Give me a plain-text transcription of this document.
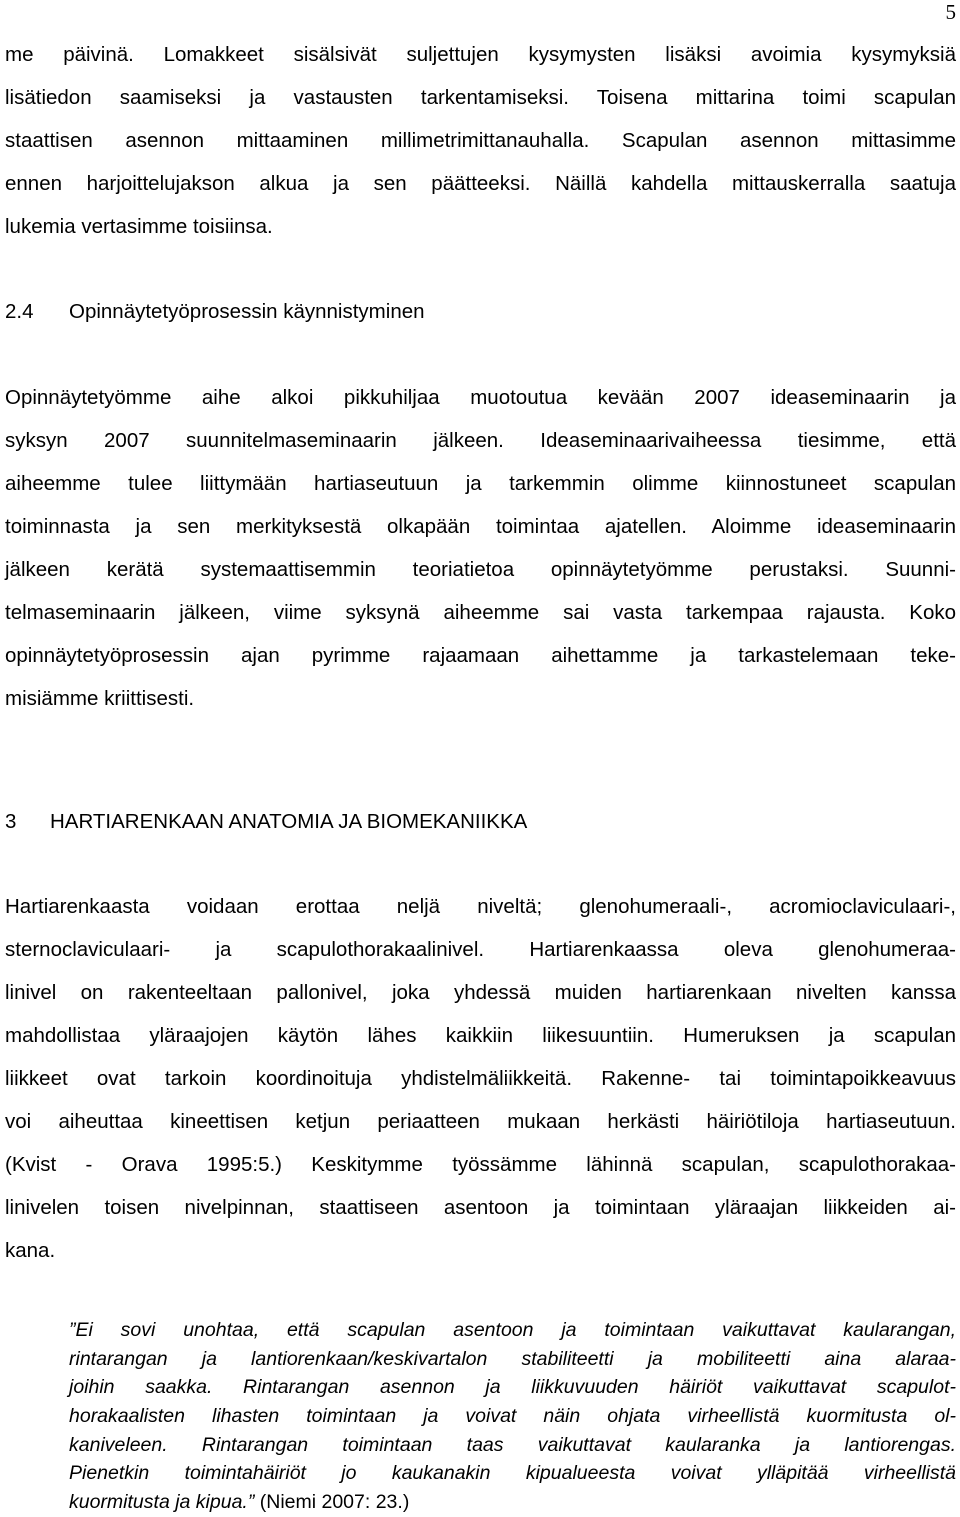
5
me päivinä. Lomakkeet sisälsivät suljettujen kysymysten lisäksi avoimia kysymyksiä
lisätiedon saamiseksi ja vastausten tarkentamiseksi. Toisena mittarina toimi scapulan
staattisen asennon mittaaminen millimetrimittanauhalla. Scapulan asennon mittasimme
ennen harjoittelujakson alkua ja sen päätteeksi. Näillä kahdella mittauskerralla saatuja
lukemia vertasimme toisiinsa.
2.4 Opinnäytetyöprosessin käynnistyminen
Opinnäytetyömme aihe alkoi pikkuhiljaa muotoutua kevään 2007 ideaseminaarin ja
syksyn 2007 suunnitelmaseminaarin jälkeen. Ideaseminaarivaiheessa tiesimme, että
aiheemme tulee liittymään hartiaseutuun ja tarkemmin olimme kiinnostuneet scapulan
toiminnasta ja sen merkityksestä olkapään toimintaa ajatellen. Aloimme ideaseminaarin
jälkeen kerätä systemaattisemmin teoriatietoa opinnäytetyömme perustaksi. Suunni-
telmaseminaarin jälkeen, viime syksynä aiheemme sai vasta tarkempaa rajausta. Koko
opinnäytetyöprosessin ajan pyrimme rajaamaan aihettamme ja tarkastelemaan teke-
misiämme kriittisesti.
3 HARTIARENKAAN ANATOMIA JA BIOMEKANIIKKA
Hartiarenkaasta voidaan erottaa neljä niveltä; glenohumeraali-, acromioclaviculaari-,
sternoclaviculaari- ja scapulothorakaalinivel. Hartiarenkaassa oleva glenohumeraa-
linivel on rakenteeltaan pallonivel, joka yhdessä muiden hartiarenkaan nivelten kanssa
mahdollistaa yläraajojen käytön lähes kaikkiin liikesuuntiin. Humeruksen ja scapulan
liikkeet ovat tarkoin koordinoituja yhdistelmäliikkeitä. Rakenne- tai toimintapoikkeavuus
voi aiheuttaa kineettisen ketjun periaatteen mukaan herkästi häiriötiloja hartiaseutuun.
(Kvist - Orava 1995:5.) Keskitymme työssämme lähinnä scapulan, scapulothorakaa-
linivelen toisen nivelpinnan, staattiseen asentoon ja toimintaan yläraajan liikkeiden ai-
kana.
”Ei sovi unohtaa, että scapulan asentoon ja toimintaan vaikuttavat kaularangan,
rintarangan ja lantiorenkaan/keskivartalon stabiliteetti ja mobiliteetti aina alaraa-
joihin saakka. Rintarangan asennon ja liikkuvuuden häiriöt vaikuttavat scapulot-
horakaalisten lihasten toimintaan ja voivat näin ohjata virheellistä kuormitusta ol-
kaniveleen. Rintarangan toimintaan taas vaikuttavat kaularanka ja lantiorengas.
Pienetkin toimintahäiriöt jo kaukanakin kipualueesta voivat ylläpitää virheellistä
kuormitusta ja kipua.” (Niemi 2007: 23.)
